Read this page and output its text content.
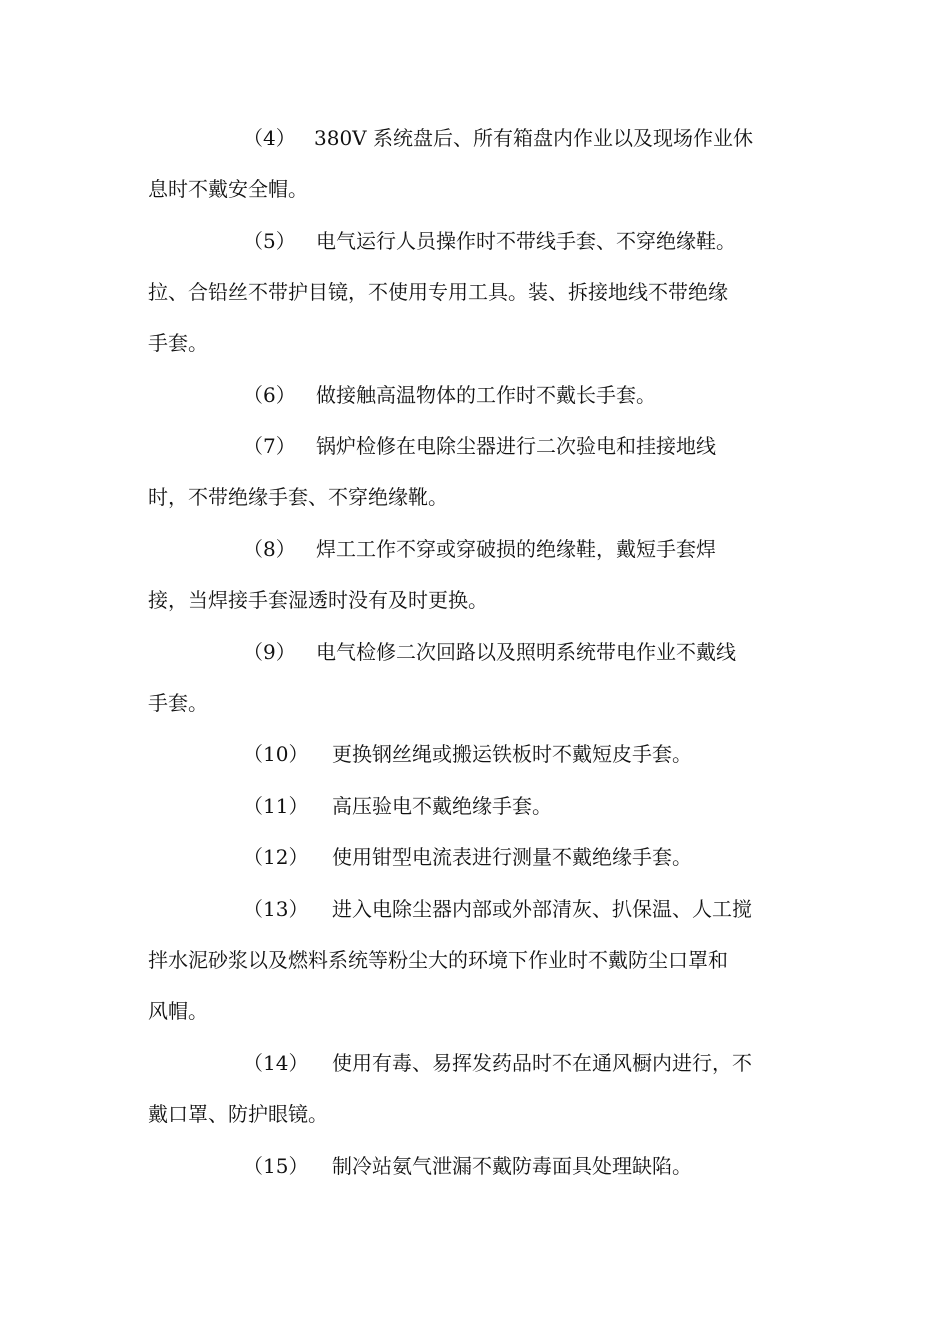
（4） 380V 系统盘后、所有箱盘内作业以及现场作业休
息时不戴安全帽。
（5） 电气运行人员操作时不带线手套、不穿绝缘鞋。
拉、合铅丝不带护目镜，不使用专用工具。装、拆接地线不带绝缘
手套。
（6） 做接触高温物体的工作时不戴长手套。
（7） 锅炉检修在电除尘器进行二次验电和挂接地线
时，不带绝缘手套、不穿绝缘靴。
（8） 焊工工作不穿或穿破损的绝缘鞋，戴短手套焊
接，当焊接手套湿透时没有及时更换。
（9） 电气检修二次回路以及照明系统带电作业不戴线
手套。
（10） 更换钢丝绳或搬运铁板时不戴短皮手套。
（11） 高压验电不戴绝缘手套。
（12） 使用钳型电流表进行测量不戴绝缘手套。
（13） 进入电除尘器内部或外部清灰、扒保温、人工搅
拌水泥砂浆以及燃料系统等粉尘大的环境下作业时不戴防尘口罩和
风帽。
（14） 使用有毒、易挥发药品时不在通风橱内进行，不
戴口罩、防护眼镜。
（15） 制冷站氨气泄漏不戴防毒面具处理缺陷。
